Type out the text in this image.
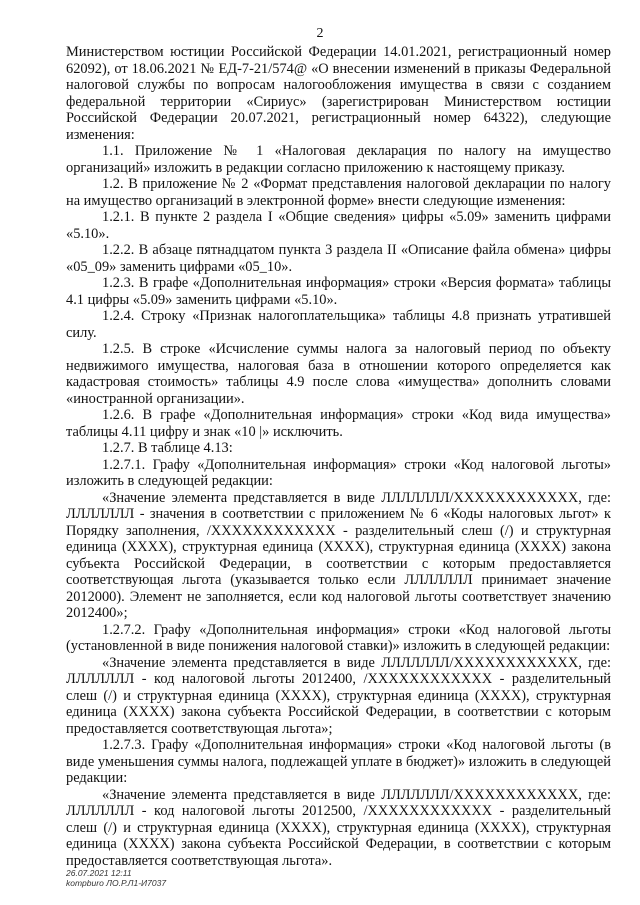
2

Министерством юстиции Российской Федерации 14.01.2021, регистрационный номер 62092), от 18.06.2021 № ЕД-7-21/574@ «О внесении изменений в приказы Федеральной налоговой службы по вопросам налогообложения имущества в связи с созданием федеральной территории «Сириус» (зарегистрирован Министерством юстиции Российской Федерации 20.07.2021, регистрационный номер 64322), следующие изменения:

1.1. Приложение № 1 «Налоговая декларация по налогу на имущество организаций» изложить в редакции согласно приложению к настоящему приказу.

1.2. В приложение № 2 «Формат представления налоговой декларации по налогу на имущество организаций в электронной форме» внести следующие изменения:

1.2.1. В пункте 2 раздела I «Общие сведения» цифры «5.09» заменить цифрами «5.10».

1.2.2. В абзаце пятнадцатом пункта 3 раздела II «Описание файла обмена» цифры «05_09» заменить цифрами «05_10».

1.2.3. В графе «Дополнительная информация» строки «Версия формата» таблицы 4.1 цифры «5.09» заменить цифрами «5.10».

1.2.4. Строку «Признак налогоплательщика» таблицы 4.8 признать утратившей силу.

1.2.5. В строке «Исчисление суммы налога за налоговый период по объекту недвижимого имущества, налоговая база в отношении которого определяется как кадастровая стоимость» таблицы 4.9 после слова «имущества» дополнить словами «иностранной организации».

1.2.6. В графе «Дополнительная информация» строки «Код вида имущества» таблицы 4.11 цифру и знак «10 |» исключить.

1.2.7. В таблице 4.13:

1.2.7.1. Графу «Дополнительная информация» строки «Код налоговой льготы» изложить в следующей редакции:

«Значение элемента представляется в виде ЛЛЛЛЛЛЛ/ХХХХХХХХХХХХ, где: ЛЛЛЛЛЛЛ - значения в соответствии с приложением № 6 «Коды налоговых льгот» к Порядку заполнения, /ХХХХХХХХХХХХ - разделительный слеш (/) и структурная единица (ХХХХ), структурная единица (ХХХХ), структурная единица (ХХХХ) закона субъекта Российской Федерации, в соответствии с которым предоставляется соответствующая льгота (указывается только если ЛЛЛЛЛЛЛ принимает значение 2012000). Элемент не заполняется, если код налоговой льготы соответствует значению 2012400»;

1.2.7.2. Графу «Дополнительная информация» строки «Код налоговой льготы (установленной в виде понижения налоговой ставки)» изложить в следующей редакции:

«Значение элемента представляется в виде ЛЛЛЛЛЛЛ/ХХХХХХХХХХХХ, где: ЛЛЛЛЛЛЛ - код налоговой льготы 2012400, /ХХХХХХХХХХХХ - разделительный слеш (/) и структурная единица (ХХХХ), структурная единица (ХХХХ), структурная единица (ХХХХ) закона субъекта Российской Федерации, в соответствии с которым предоставляется соответствующая льгота»;

1.2.7.3. Графу «Дополнительная информация» строки «Код налоговой льготы (в виде уменьшения суммы налога, подлежащей уплате в бюджет)» изложить в следующей редакции:

«Значение элемента представляется в виде ЛЛЛЛЛЛЛ/ХХХХХХХХХХХХ, где: ЛЛЛЛЛЛЛ - код налоговой льготы 2012500, /ХХХХХХХХХХХХ - разделительный слеш (/) и структурная единица (ХХХХ), структурная единица (ХХХХ), структурная единица (ХХХХ) закона субъекта Российской Федерации, в соответствии с которым предоставляется соответствующая льгота».

26.07.2021 12:11
kompburo ЛО.Р.Л1-И7037
